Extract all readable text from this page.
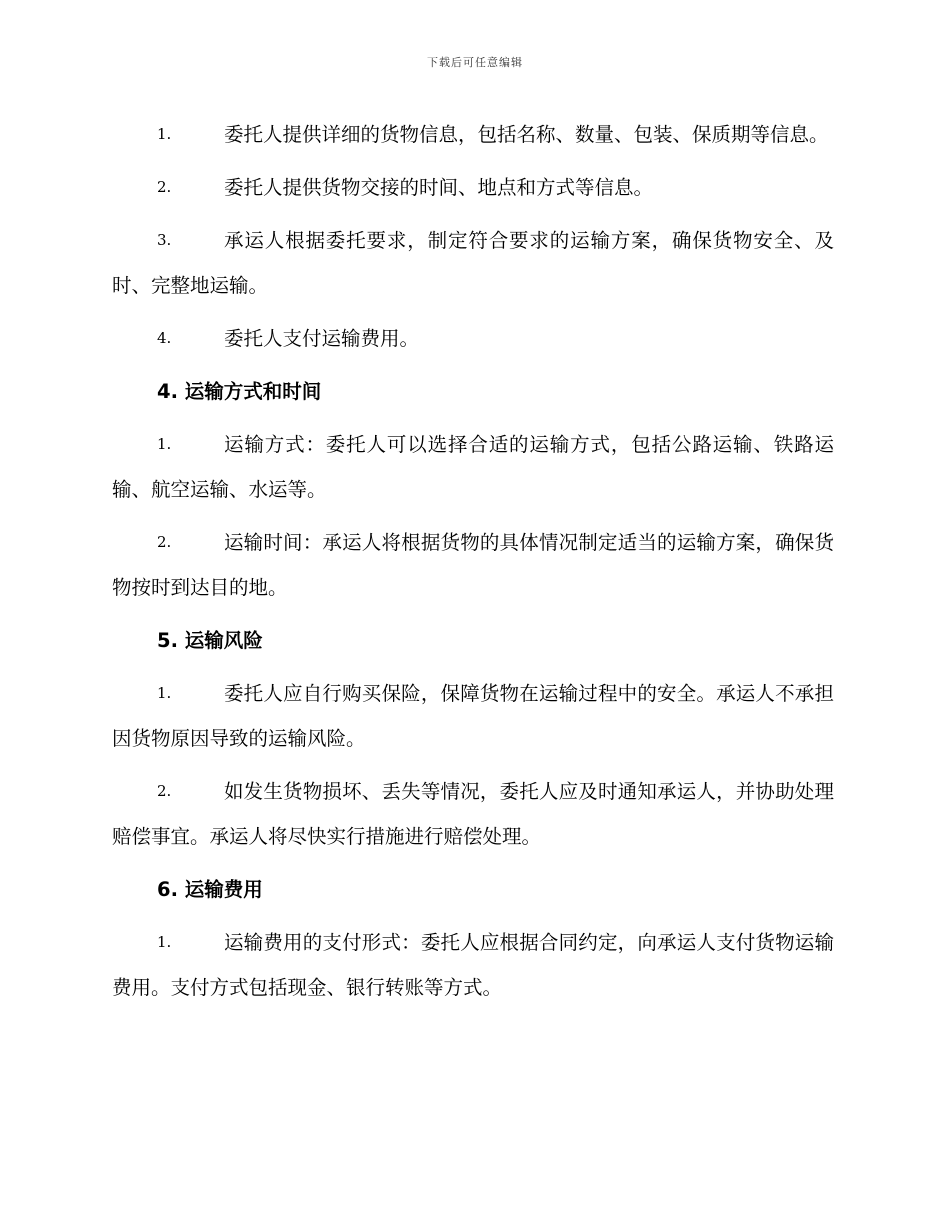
下载后可任意编辑

1.	委托人提供详细的货物信息，包括名称、数量、包装、保质期等信息。

2.	委托人提供货物交接的时间、地点和方式等信息。

3.	承运人根据委托要求，制定符合要求的运输方案，确保货物安全、及时、完整地运输。

4.	委托人支付运输费用。

4. 运输方式和时间

1.	运输方式：委托人可以选择合适的运输方式，包括公路运输、铁路运输、航空运输、水运等。

2.	运输时间：承运人将根据货物的具体情况制定适当的运输方案，确保货物按时到达目的地。

5. 运输风险

1.	委托人应自行购买保险，保障货物在运输过程中的安全。承运人不承担因货物原因导致的运输风险。

2.	如发生货物损坏、丢失等情况，委托人应及时通知承运人，并协助处理赔偿事宜。承运人将尽快实行措施进行赔偿处理。

6. 运输费用

1.	运输费用的支付形式：委托人应根据合同约定，向承运人支付货物运输费用。支付方式包括现金、银行转账等方式。
